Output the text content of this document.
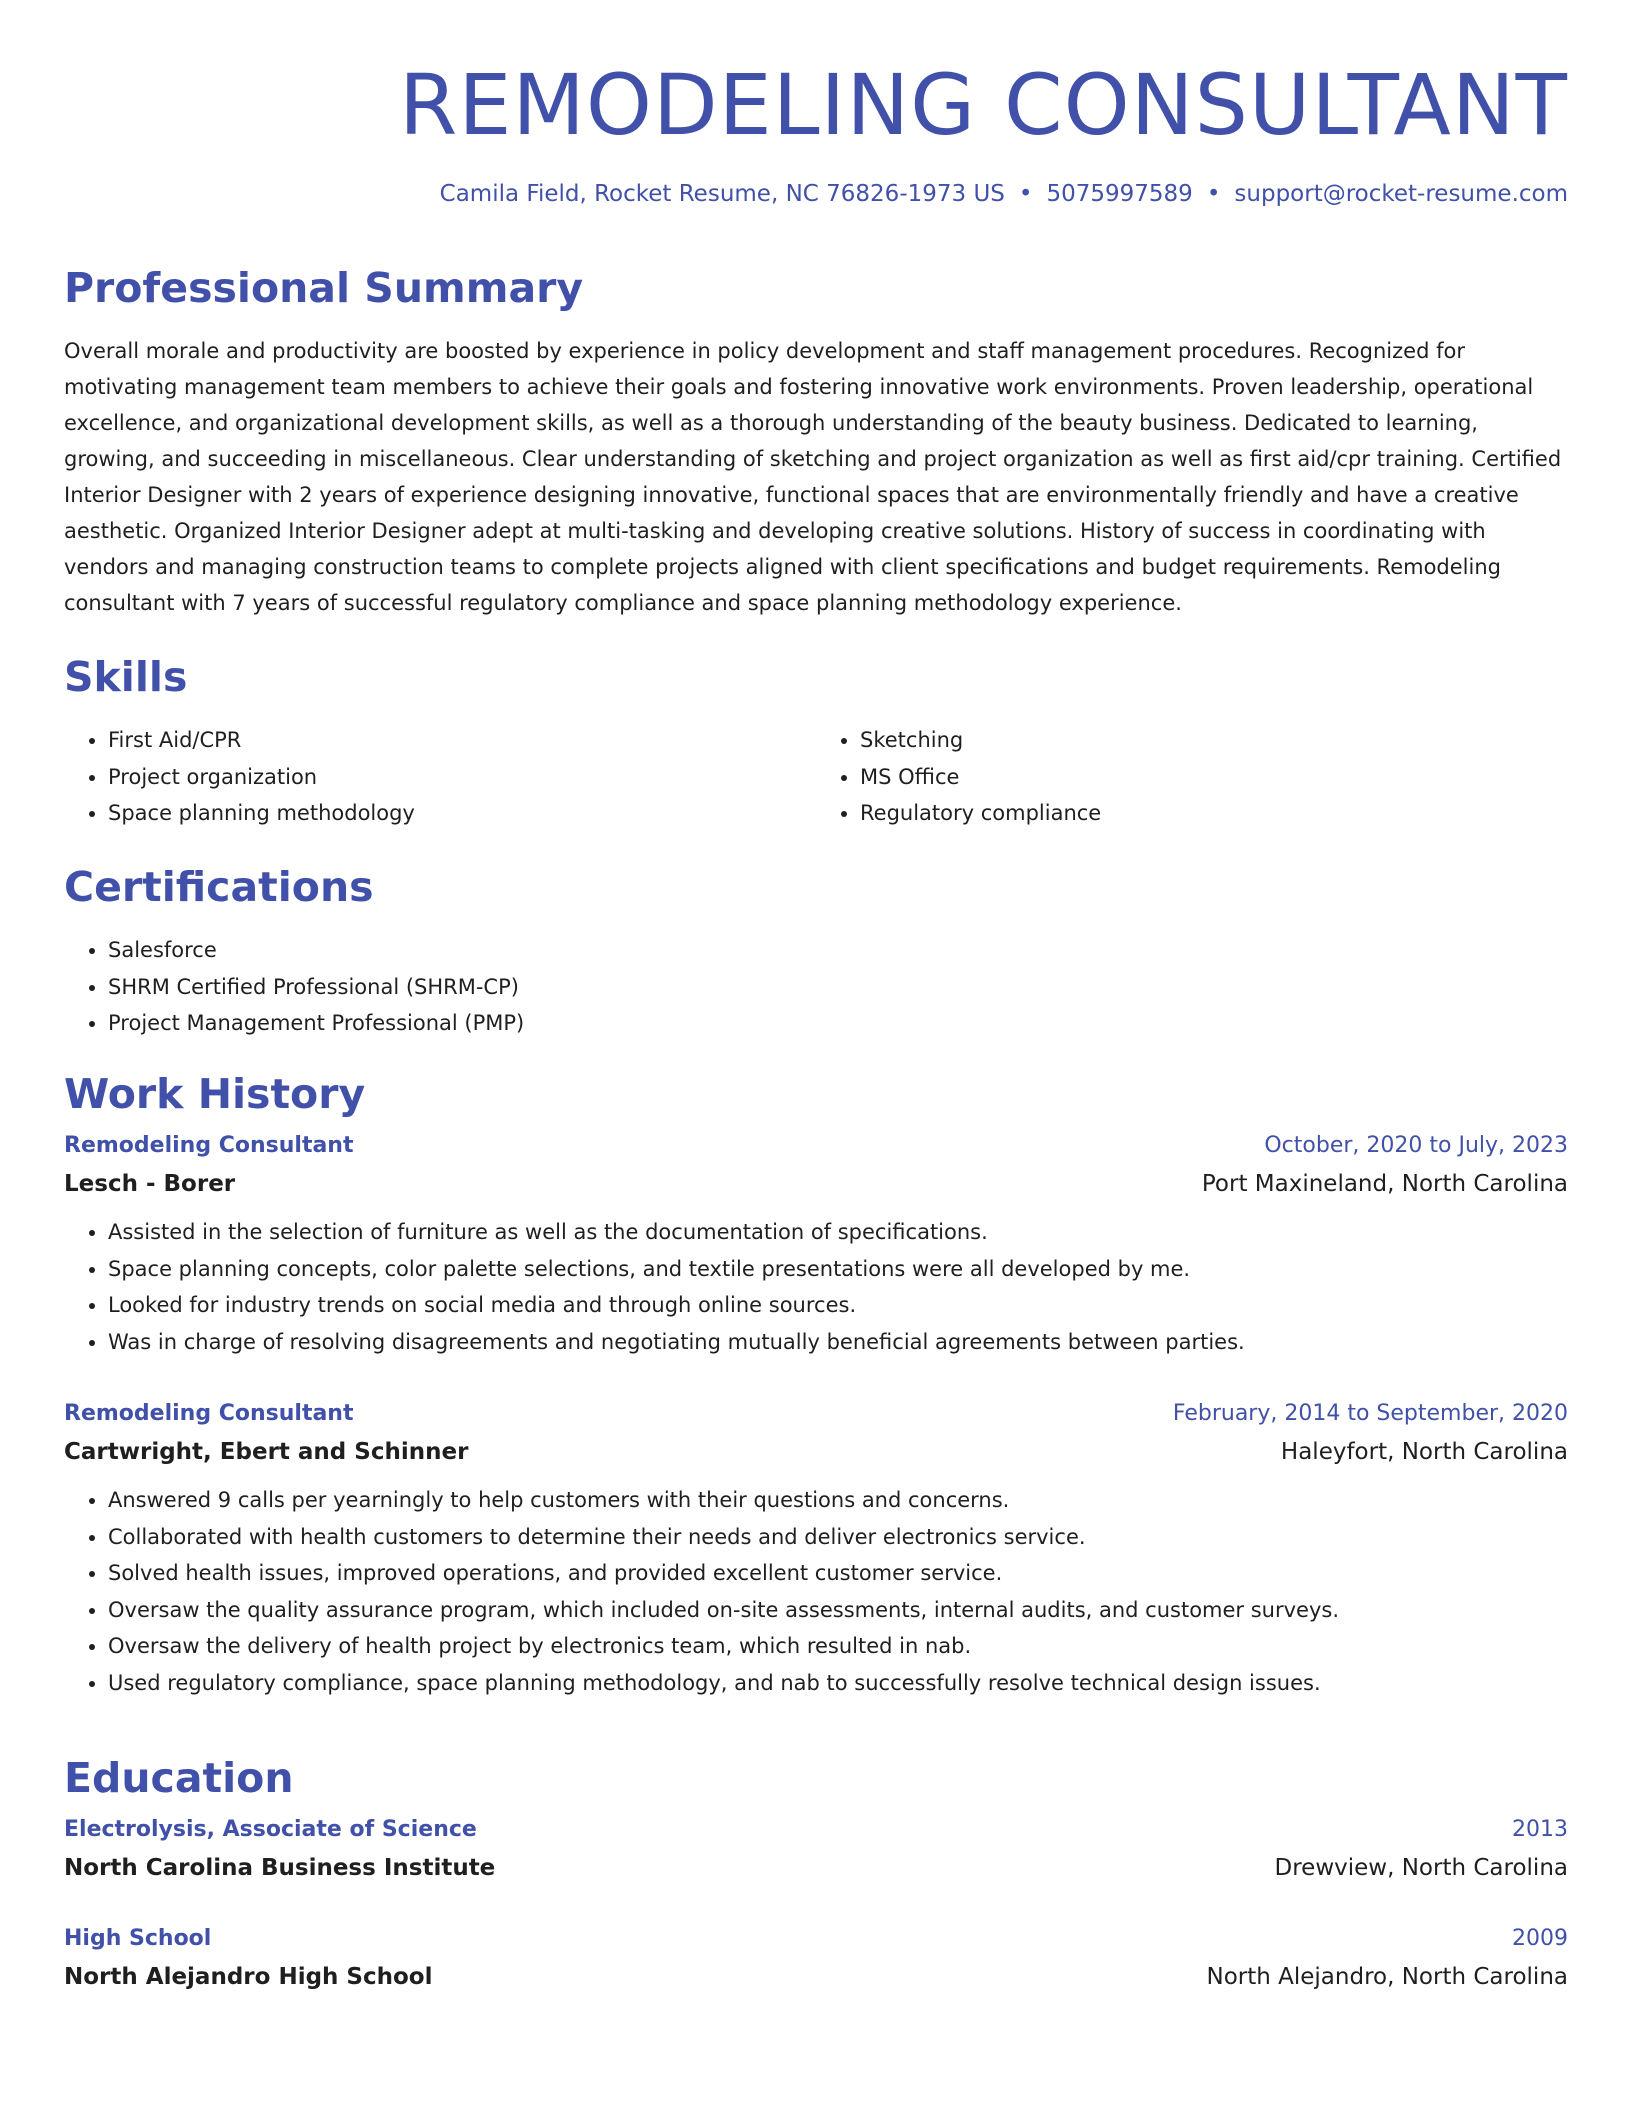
REMODELING CONSULTANT
Camila Field, Rocket Resume, NC 76826-1973 US • 5075997589 • support@rocket-resume.com
Professional Summary

Overall morale and productivity are boosted by experience in policy development and staff management procedures. Recognized for motivating management team members to achieve their goals and fostering innovative work environments. Proven leadership, operational excellence, and organizational development skills, as well as a thorough understanding of the beauty business. Dedicated to learning, growing, and succeeding in miscellaneous. Clear understanding of sketching and project organization as well as first aid/cpr training. Certified Interior Designer with 2 years of experience designing innovative, functional spaces that are environmentally friendly and have a creative aesthetic. Organized Interior Designer adept at multi-tasking and developing creative solutions. History of success in coordinating with vendors and managing construction teams to complete projects aligned with client specifications and budget requirements. Remodeling consultant with 7 years of successful regulatory compliance and space planning methodology experience.

Skills
• First Aid/CPR
• Project organization
• Space planning methodology
• Sketching
• MS Office
• Regulatory compliance
Certifications
• Salesforce
• SHRM Certified Professional (SHRM-CP)
• Project Management Professional (PMP)
Work History
Remodeling Consultant	October, 2020 to July, 2023
Lesch - Borer	Port Maxineland, North Carolina
• Assisted in the selection of furniture as well as the documentation of specifications.
• Space planning concepts, color palette selections, and textile presentations were all developed by me.
• Looked for industry trends on social media and through online sources.
• Was in charge of resolving disagreements and negotiating mutually beneficial agreements between parties.
Remodeling Consultant	February, 2014 to September, 2020
Cartwright, Ebert and Schinner	Haleyfort, North Carolina
• Answered 9 calls per yearningly to help customers with their questions and concerns.
• Collaborated with health customers to determine their needs and deliver electronics service.
• Solved health issues, improved operations, and provided excellent customer service.
• Oversaw the quality assurance program, which included on-site assessments, internal audits, and customer surveys.
• Oversaw the delivery of health project by electronics team, which resulted in nab.
• Used regulatory compliance, space planning methodology, and nab to successfully resolve technical design issues.
Education
Electrolysis, Associate of Science	2013
North Carolina Business Institute	Drewview, North Carolina
High School	2009
North Alejandro High School	North Alejandro, North Carolina
